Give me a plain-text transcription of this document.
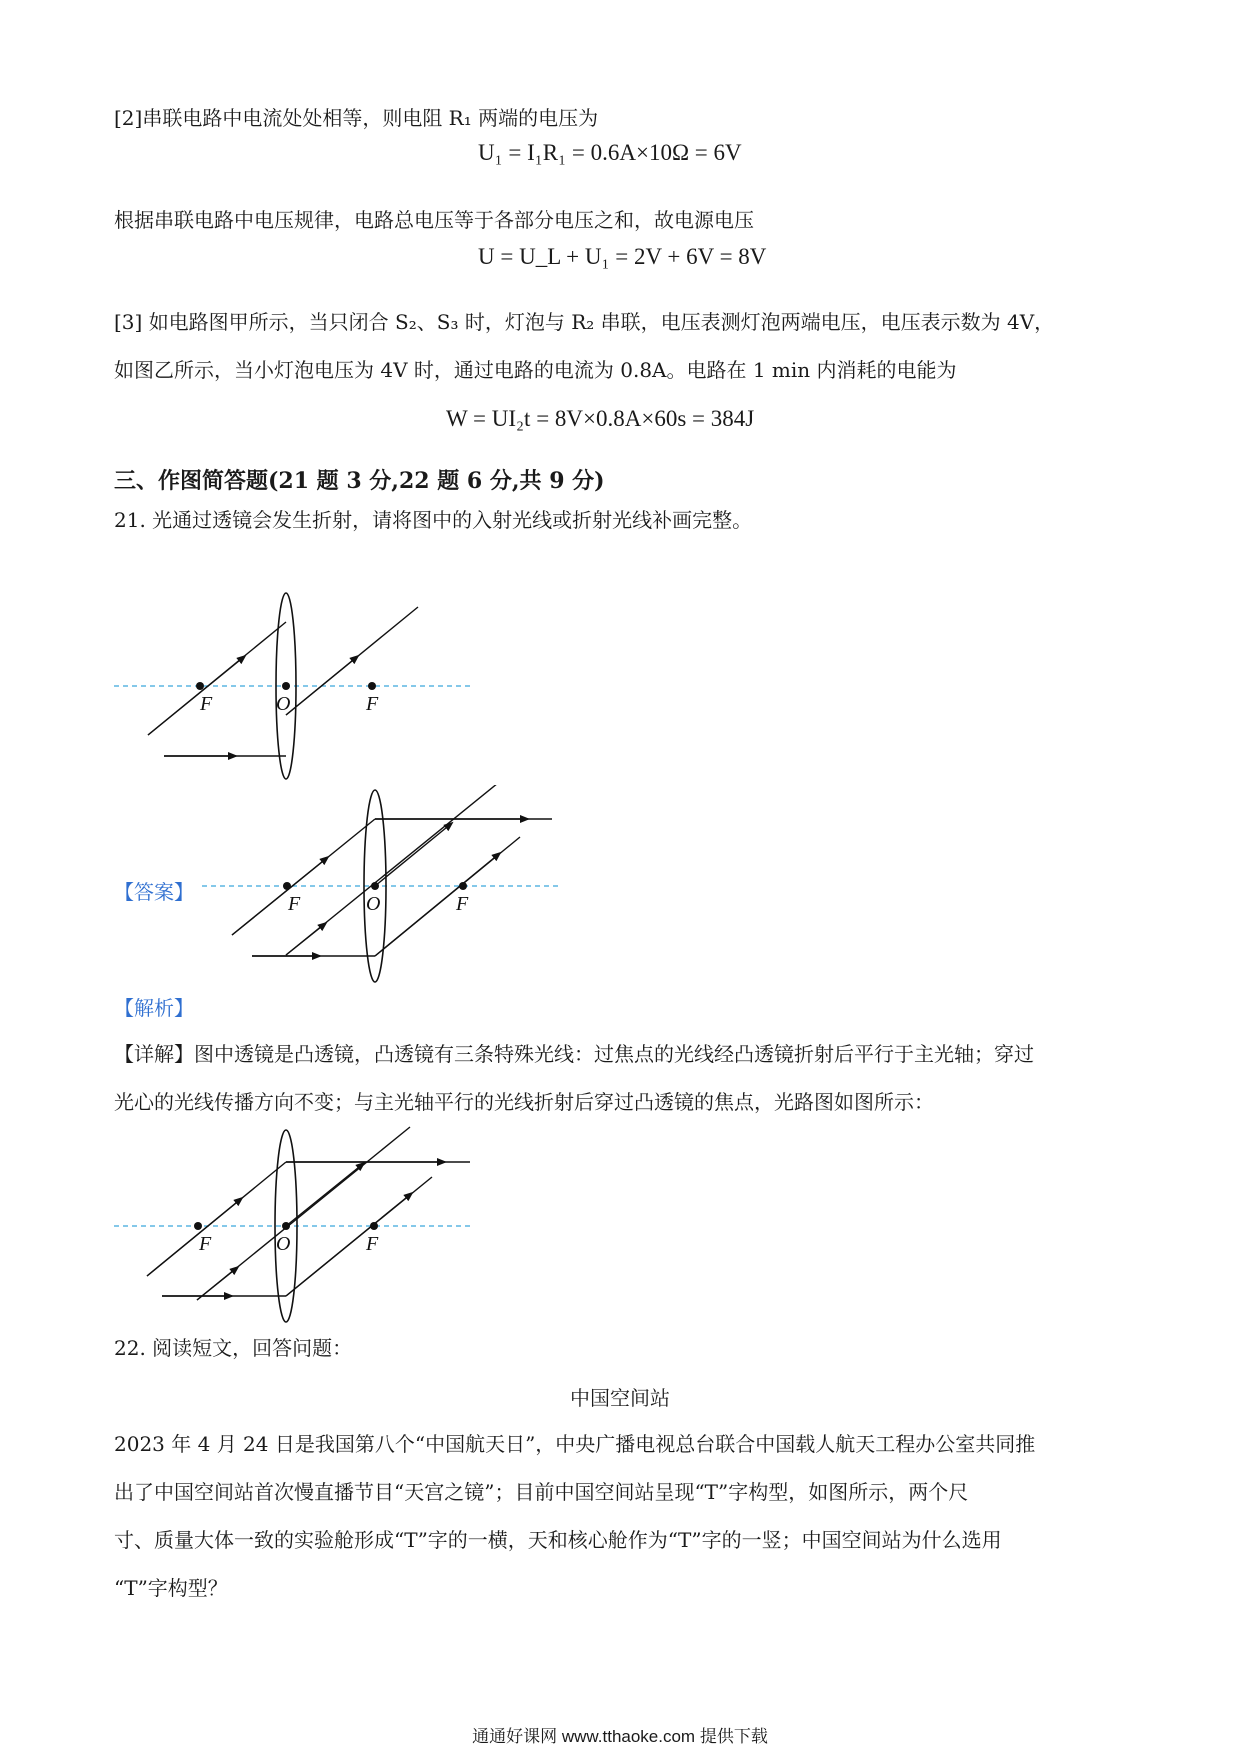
[2]串联电路中电流处处相等，则电阻 R₁ 两端的电压为
U₁ = I₁R₁ = 0.6A×10Ω = 6V
根据串联电路中电压规律，电路总电压等于各部分电压之和，故电源电压
U = U_L + U₁ = 2V + 6V = 8V
[3] 如电路图甲所示，当只闭合 S₂、S₃ 时，灯泡与 R₂ 串联，电压表测灯泡两端电压，电压表示数为 4V，
如图乙所示，当小灯泡电压为 4V 时，通过电路的电流为 0.8A。电路在 1 min 内消耗的电能为
W = UI₂t = 8V×0.8A×60s = 384J
三、作图简答题(21 题 3 分,22 题 6 分,共 9 分)
21. 光通过透镜会发生折射，请将图中的入射光线或折射光线补画完整。
F	O	F
【答案】	F	O	F
【解析】
【详解】图中透镜是凸透镜，凸透镜有三条特殊光线：过焦点的光线经凸透镜折射后平行于主光轴；穿过
光心的光线传播方向不变；与主光轴平行的光线折射后穿过凸透镜的焦点，光路图如图所示：
F	O	F
22. 阅读短文，回答问题：
中国空间站
2023 年 4 月 24 日是我国第八个“中国航天日”，中央广播电视总台联合中国载人航天工程办公室共同推
出了中国空间站首次慢直播节目“天宫之镜”；目前中国空间站呈现“T”字构型，如图所示，两个尺
寸、质量大体一致的实验舱形成“T”字的一横，天和核心舱作为“T”字的一竖；中国空间站为什么选用
“T”字构型？
通通好课网 www.tthaoke.com 提供下载
